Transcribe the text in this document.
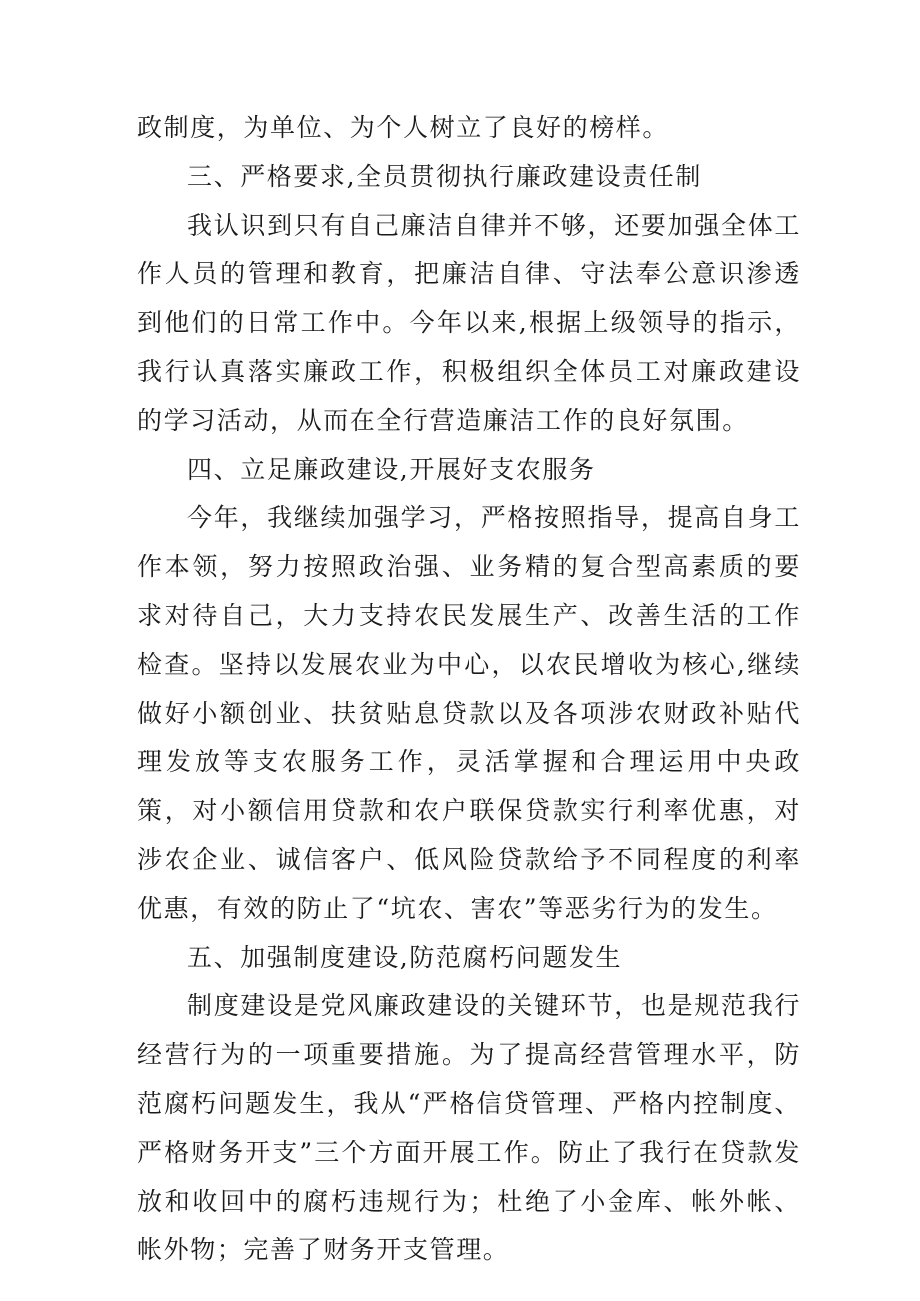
政制度，为单位、为个人树立了良好的榜样。

三、严格要求,全员贯彻执行廉政建设责任制

我认识到只有自己廉洁自律并不够，还要加强全体工作人员的管理和教育，把廉洁自律、守法奉公意识渗透到他们的日常工作中。今年以来,根据上级领导的指示，我行认真落实廉政工作，积极组织全体员工对廉政建设的学习活动，从而在全行营造廉洁工作的良好氛围。

四、立足廉政建设,开展好支农服务

今年，我继续加强学习，严格按照指导，提高自身工作本领，努力按照政治强、业务精的复合型高素质的要求对待自己，大力支持农民发展生产、改善生活的工作检查。坚持以发展农业为中心，以农民增收为核心,继续做好小额创业、扶贫贴息贷款以及各项涉农财政补贴代理发放等支农服务工作，灵活掌握和合理运用中央政策，对小额信用贷款和农户联保贷款实行利率优惠，对涉农企业、诚信客户、低风险贷款给予不同程度的利率优惠，有效的防止了“坑农、害农”等恶劣行为的发生。

五、加强制度建设,防范腐朽问题发生

制度建设是党风廉政建设的关键环节，也是规范我行经营行为的一项重要措施。为了提高经营管理水平，防范腐朽问题发生，我从“严格信贷管理、严格内控制度、严格财务开支”三个方面开展工作。防止了我行在贷款发放和收回中的腐朽违规行为；杜绝了小金库、帐外帐、帐外物；完善了财务开支管理。
